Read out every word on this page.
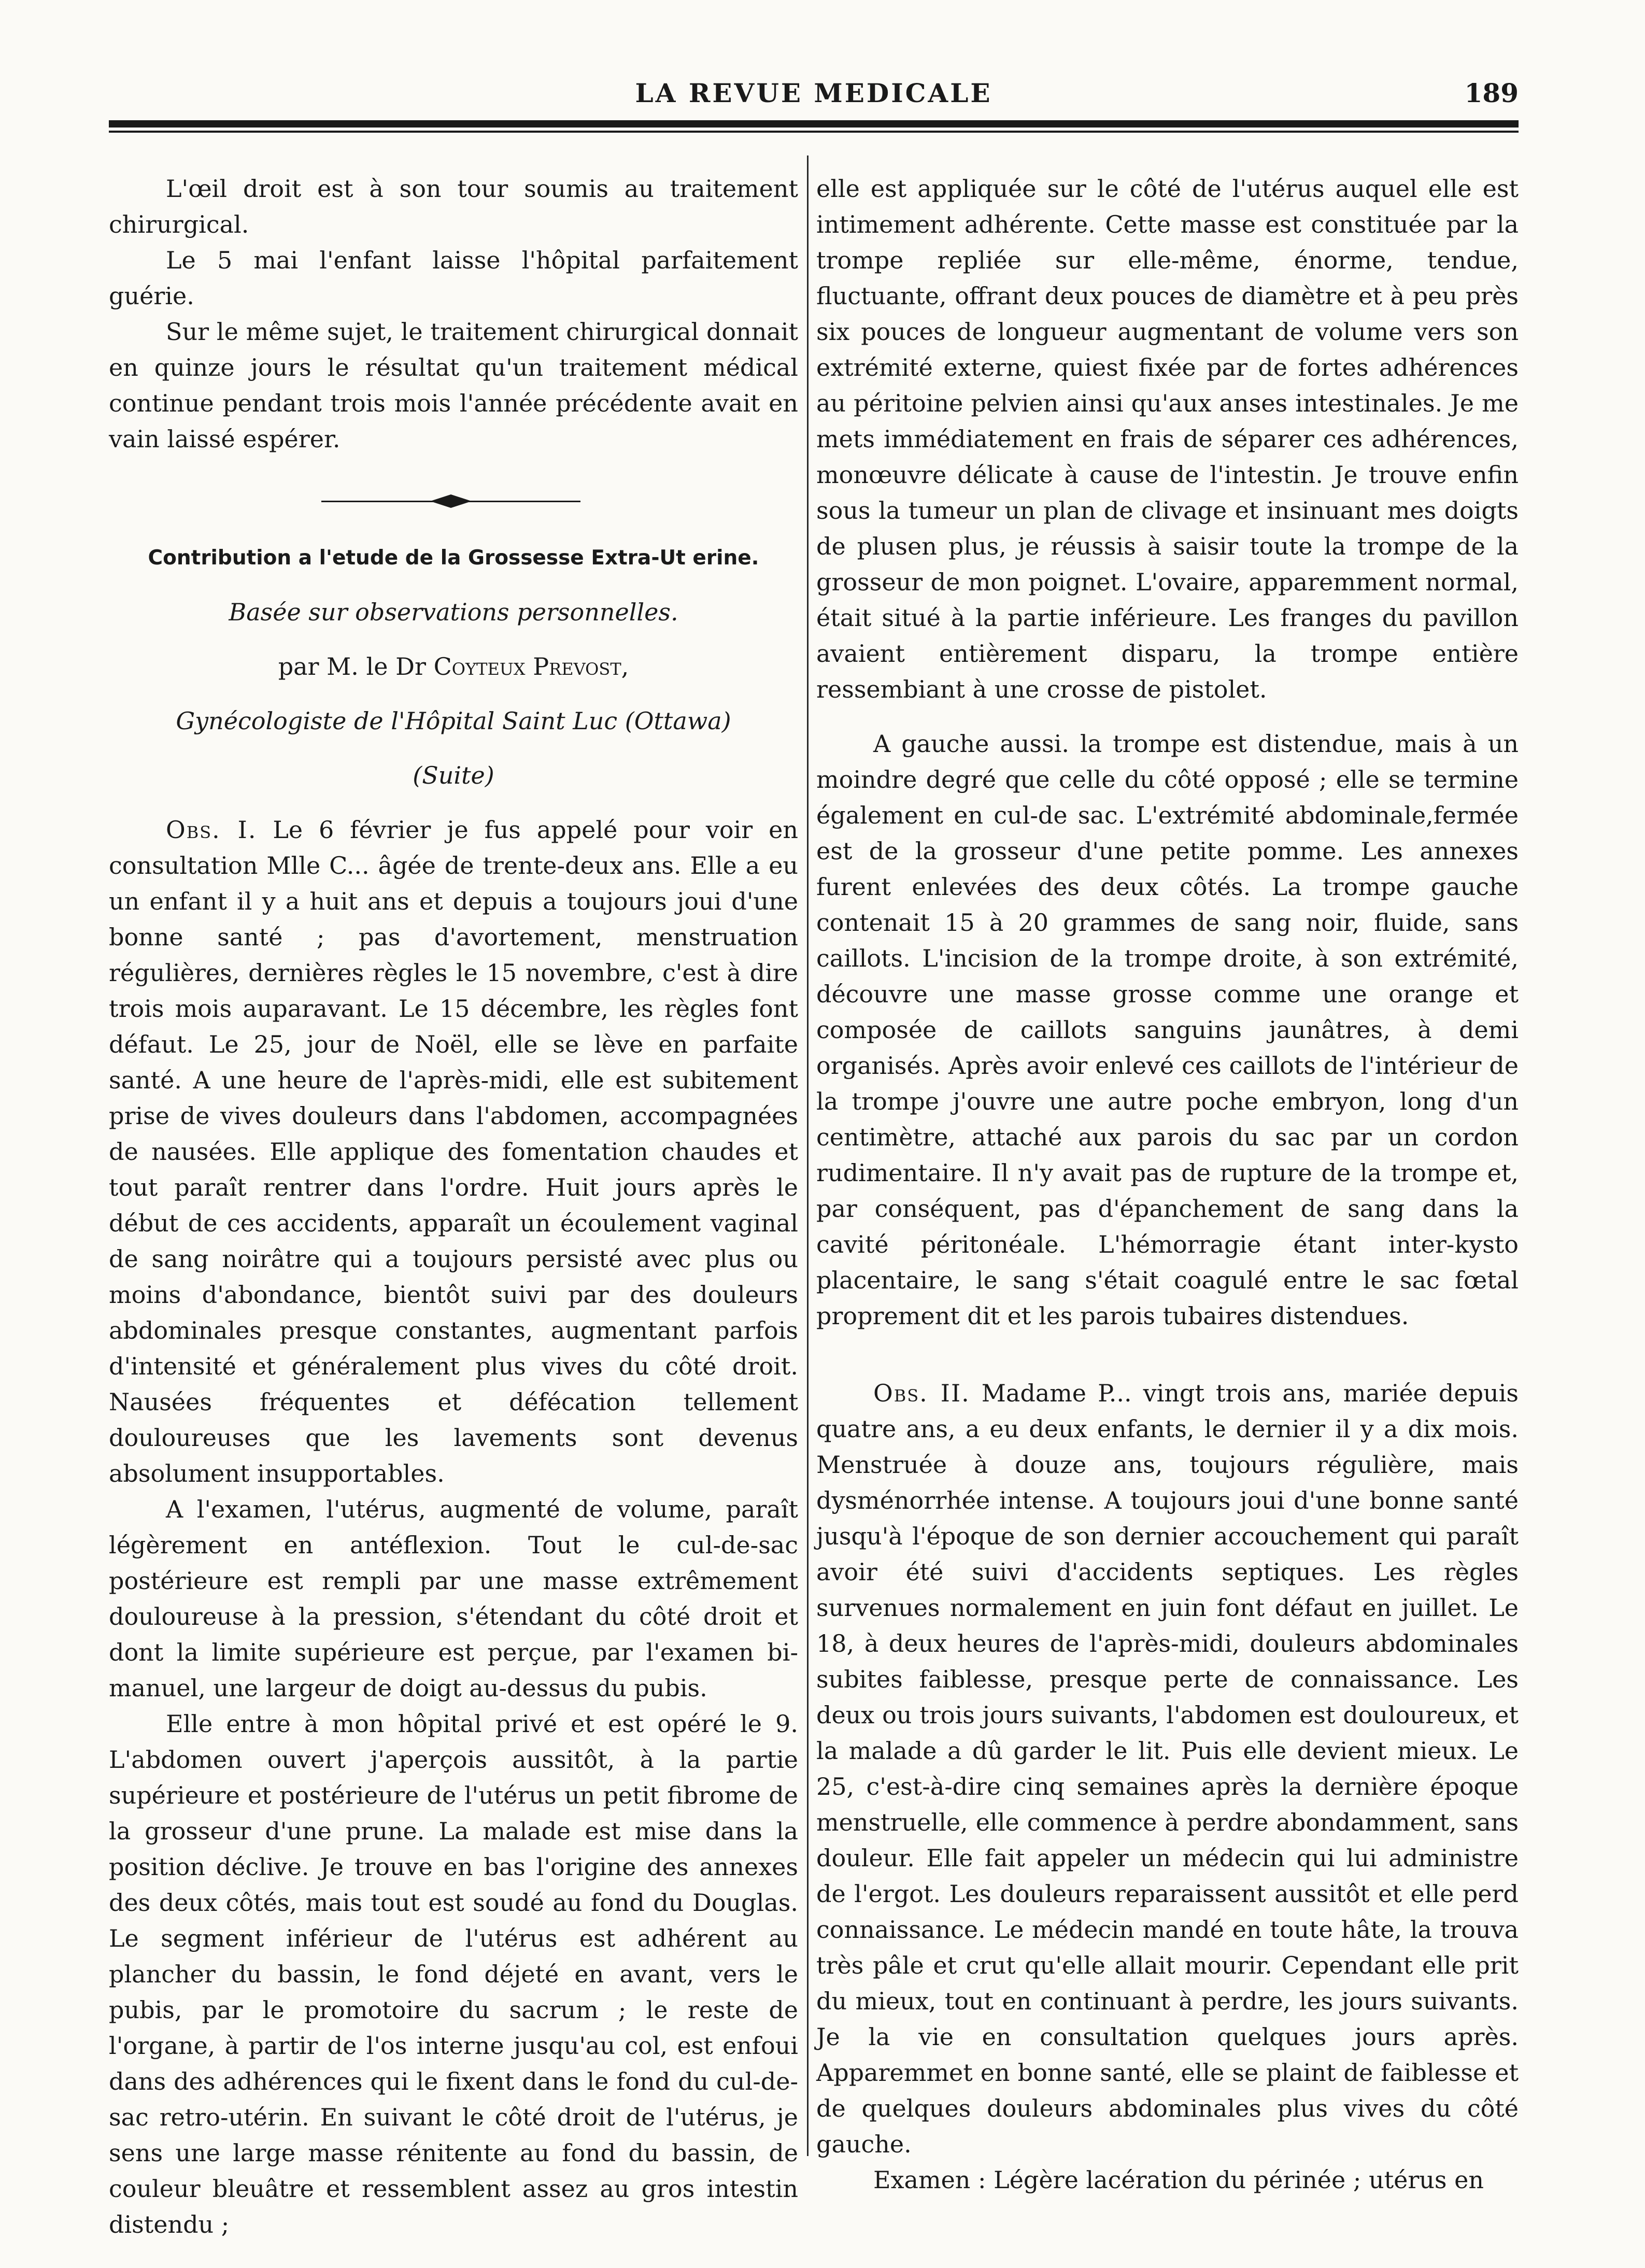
LA REVUE MEDICALE	189

L'œil droit est à son tour soumis au traitement chirurgical.

Le 5 mai l'enfant laisse l'hôpital parfaitement guérie.

Sur le même sujet, le traitement chirurgical donnait en quinze jours le résultat qu'un traitement médical continue pendant trois mois l'année précédente avait en vain laissé espérer.

Contribution a l'etude de la Grossesse Extra-Ut erine.

Basée sur observations personnelles.

par M. le Dr Coyteux Prevost,

Gynécologiste de l'Hôpital Saint Luc (Ottawa)

(Suite)

Obs. I. Le 6 février je fus appelé pour voir en consultation Mlle C... âgée de trente-deux ans. Elle a eu un enfant il y a huit ans et depuis a toujours joui d'une bonne santé ; pas d'avortement, menstruation régulières, dernières règles le 15 novembre, c'est à dire trois mois auparavant. Le 15 décembre, les règles font défaut. Le 25, jour de Noël, elle se lève en parfaite santé. A une heure de l'après-midi, elle est subitement prise de vives douleurs dans l'abdomen, accompagnées de nausées. Elle applique des fomentation chaudes et tout paraît rentrer dans l'ordre. Huit jours après le début de ces accidents, apparaît un écoulement vaginal de sang noirâtre qui a toujours persisté avec plus ou moins d'abondance, bientôt suivi par des douleurs abdominales presque constantes, augmentant parfois d'intensité et généralement plus vives du côté droit. Nausées fréquentes et défécation tellement douloureuses que les lavements sont devenus absolument insupportables.

A l'examen, l'utérus, augmenté de volume, paraît légèrement en antéflexion. Tout le cul-de-sac postérieure est rempli par une masse extrêmement douloureuse à la pression, s'étendant du côté droit et dont la limite supérieure est perçue, par l'examen bi-manuel, une largeur de doigt au-dessus du pubis.

Elle entre à mon hôpital privé et est opéré le 9. L'abdomen ouvert j'aperçois aussitôt, à la partie supérieure et postérieure de l'utérus un petit fibrome de la grosseur d'une prune. La malade est mise dans la position déclive. Je trouve en bas l'origine des annexes des deux côtés, mais tout est soudé au fond du Douglas. Le segment inférieur de l'utérus est adhérent au plancher du bassin, le fond déjeté en avant, vers le pubis, par le promotoire du sacrum ; le reste de l'organe, à partir de l'os interne jusqu'au col, est enfoui dans des adhérences qui le fixent dans le fond du cul-de-sac retro-utérin. En suivant le côté droit de l'utérus, je sens une large masse rénitente au fond du bassin, de couleur bleuâtre et ressemblent assez au gros intestin distendu ;

elle est appliquée sur le côté de l'utérus auquel elle est intimement adhérente. Cette masse est constituée par la trompe repliée sur elle-même, énorme, tendue, fluctuante, offrant deux pouces de diamètre et à peu près six pouces de longueur augmentant de volume vers son extrémité externe, quiest fixée par de fortes adhérences au péritoine pelvien ainsi qu'aux anses intestinales. Je me mets immédiatement en frais de séparer ces adhérences, monœuvre délicate à cause de l'intestin. Je trouve enfin sous la tumeur un plan de clivage et insinuant mes doigts de plusen plus, je réussis à saisir toute la trompe de la grosseur de mon poignet. L'ovaire, apparemment normal, était situé à la partie inférieure. Les franges du pavillon avaient entièrement disparu, la trompe entière ressembiant à une crosse de pistolet.

A gauche aussi. la trompe est distendue, mais à un moindre degré que celle du côté opposé ; elle se termine également en cul-de sac. L'extrémité abdominale,fermée est de la grosseur d'une petite pomme. Les annexes furent enlevées des deux côtés. La trompe gauche contenait 15 à 20 grammes de sang noir, fluide, sans caillots. L'incision de la trompe droite, à son extrémité, découvre une masse grosse comme une orange et composée de caillots sanguins jaunâtres, à demi organisés. Après avoir enlevé ces caillots de l'intérieur de la trompe j'ouvre une autre poche embryon, long d'un centimètre, attaché aux parois du sac par un cordon rudimentaire. Il n'y avait pas de rupture de la trompe et, par conséquent, pas d'épanchement de sang dans la cavité péritonéale. L'hémorragie étant inter-kysto placentaire, le sang s'était coagulé entre le sac fœtal proprement dit et les parois tubaires distendues.

Obs. II. Madame P... vingt trois ans, mariée depuis quatre ans, a eu deux enfants, le dernier il y a dix mois. Menstruée à douze ans, toujours régulière, mais dysménorrhée intense. A toujours joui d'une bonne santé jusqu'à l'époque de son dernier accouchement qui paraît avoir été suivi d'accidents septiques. Les règles survenues normalement en juin font défaut en juillet. Le 18, à deux heures de l'après-midi, douleurs abdominales subites faiblesse, presque perte de connaissance. Les deux ou trois jours suivants, l'abdomen est douloureux, et la malade a dû garder le lit. Puis elle devient mieux. Le 25, c'est-à-dire cinq semaines après la dernière époque menstruelle, elle commence à perdre abondamment, sans douleur. Elle fait appeler un médecin qui lui administre de l'ergot. Les douleurs reparaissent aussitôt et elle perd connaissance. Le médecin mandé en toute hâte, la trouva très pâle et crut qu'elle allait mourir. Cependant elle prit du mieux, tout en continuant à perdre, les jours suivants. Je la vie en consultation quelques jours après. Apparemmet en bonne santé, elle se plaint de faiblesse et de quelques douleurs abdominales plus vives du côté gauche.

Examen : Légère lacération du périnée ; utérus en
